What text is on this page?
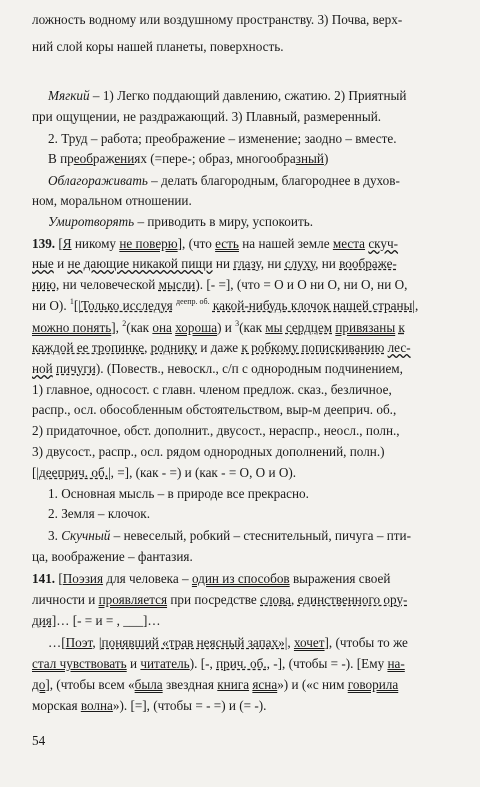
ложность водному или воздушному пространству. 3) Почва, верх-
ний слой коры нашей планеты, поверхность.
Мягкий – 1) Легко поддающий давлению, сжатию. 2) Приятный
при ощущении, не раздражающий. 3) Плавный, размеренный.
2. Труд – работа; преображение – изменение; заодно – вместе.
В преображениях (=пере-; образ, многообразный)
Облагораживать – делать благородным, благороднее в духов-
ном, моральном отношении.
Умиротворять – приводить в миру, успокоить.
139. [Я никому не поверю], (что есть на нашей земле места скуч-
ные и не дающие никакой пищи ни глазу, ни слуху, ни воображе-
нию, ни человеческой мысли). [- =], (что = О и О ни О, ни О, ни О,
ни О). $^1$[|Только исследуя $^{деепр. об.}$ какой-нибудь клочок нашей страны|,
можно понять], $^2$(как она хороша) и $^3$(как мы сердцем привязаны к
каждой ее тропинке, роднику и даже к робкому попискиванию лес-
ной пичуги). (Повеств., невоскл., с/п с однородным подчинением,
1) главное, односост. с главн. членом предлож. сказ., безличное,
распр., осл. обособленным обстоятельством, выр-м дееприч. об.,
2) придаточное, обст. дополнит., двусост., нераспр., неосл., полн.,
3) двусост., распр., осл. рядом однородных дополнений, полн.)
[|дееприч. об.|, =], (как - =) и (как - = О, О и О).
1. Основная мысль – в природе все прекрасно.
2. Земля – клочок.
3. Скучный – невеселый, робкий – стеснительный, пичуга – пти-
ца, воображение – фантазия.
141. [Поэзия для человека – один из способов выражения своей
личности и проявляется при посредстве слова, единственного ору-
дия]… [- = и = , ___]…
…[Поэт, |понявший «трав неясный запах»|, хочет], (чтобы то же
стал чувствовать и читатель). [-, прич. об., -], (чтобы = -). [Ему на-
до], (чтобы всем «была звездная книга ясна») и («с ним говорила
морская волна»). [=], (чтобы = - =) и (= -).
54
